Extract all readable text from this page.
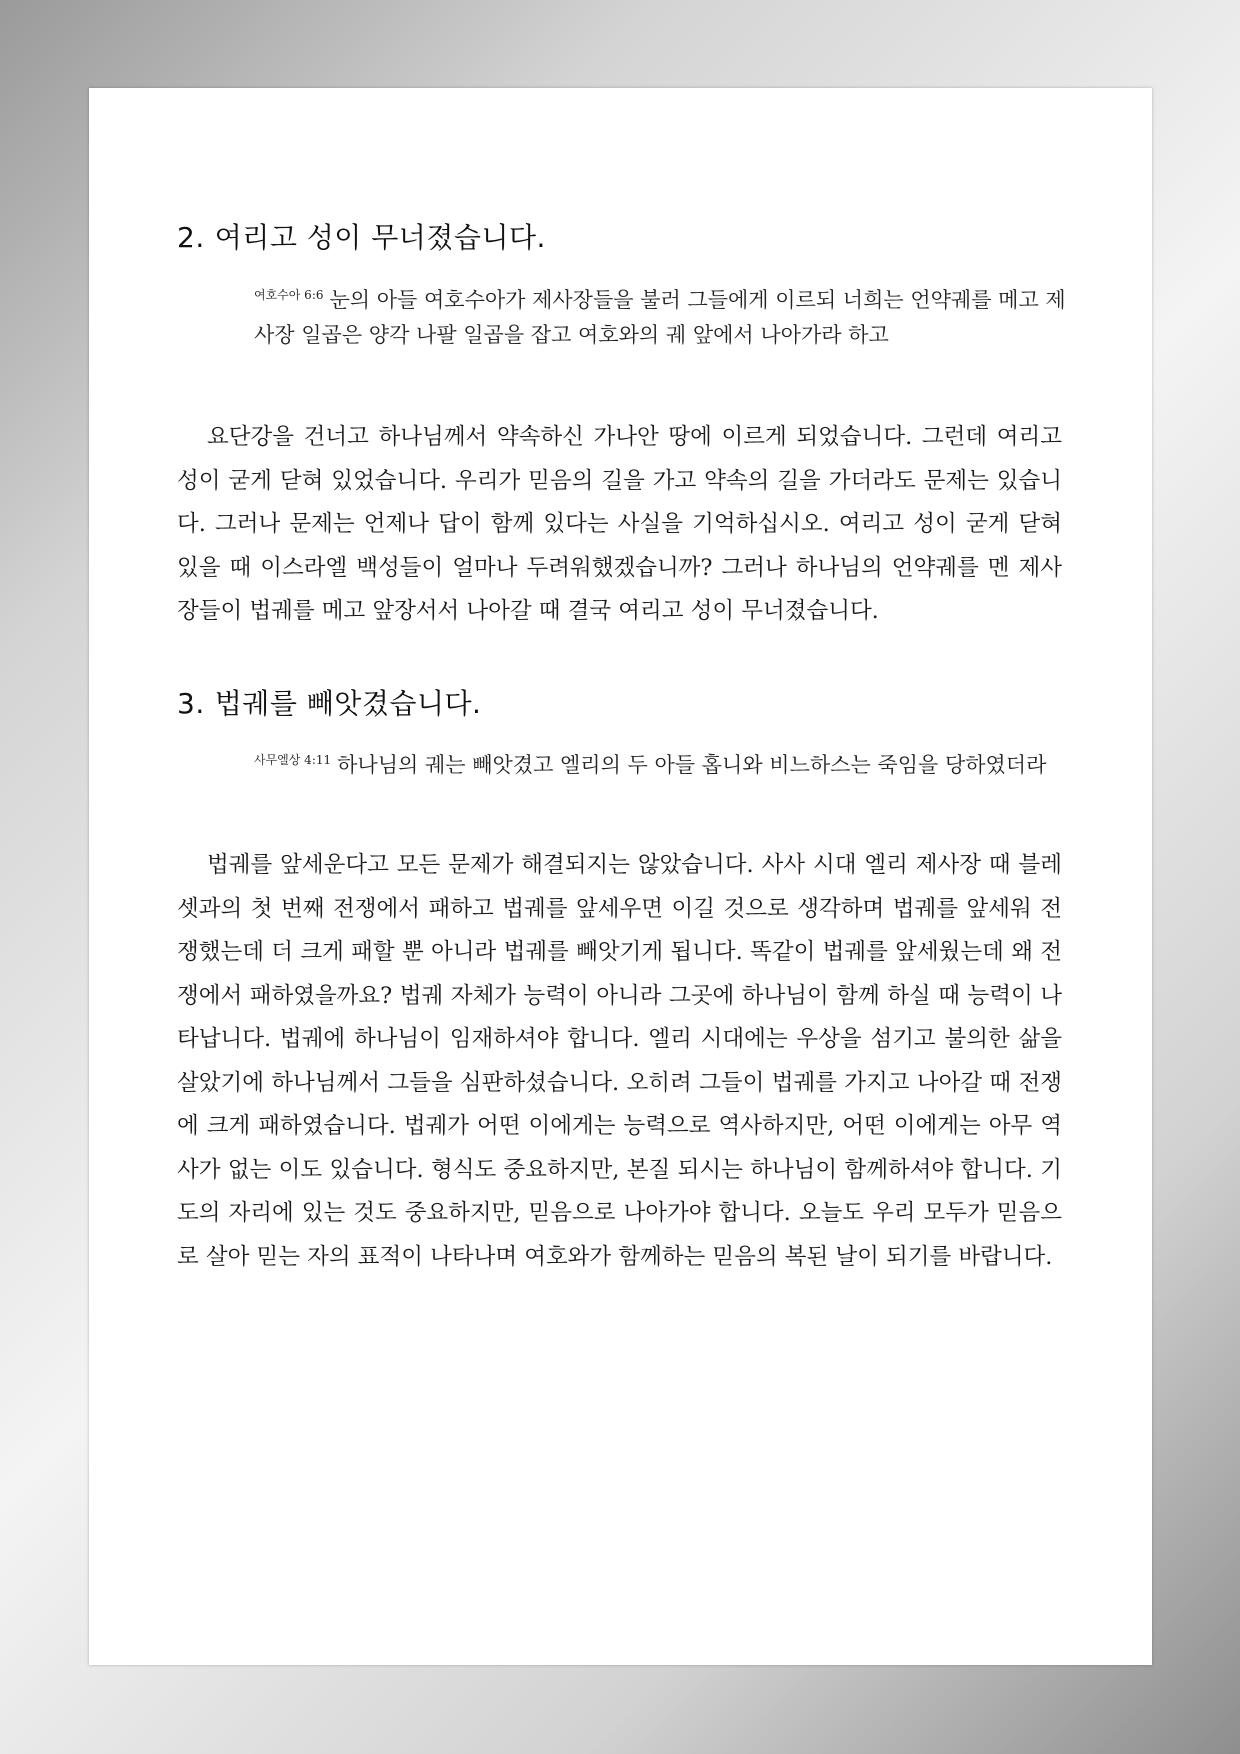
2. 여리고 성이 무너졌습니다.

$^{여호수아 6:6}$ 눈의 아들 여호수아가 제사장들을 불러 그들에게 이르되 너희는 언약궤를 메고 제사장 일곱은 양각 나팔 일곱을 잡고 여호와의 궤 앞에서 나아가라 하고

요단강을 건너고 하나님께서 약속하신 가나안 땅에 이르게 되었습니다. 그런데 여리고 성이 굳게 닫혀 있었습니다. 우리가 믿음의 길을 가고 약속의 길을 가더라도 문제는 있습니다. 그러나 문제는 언제나 답이 함께 있다는 사실을 기억하십시오. 여리고 성이 굳게 닫혀 있을 때 이스라엘 백성들이 얼마나 두려워했겠습니까? 그러나 하나님의 언약궤를 멘 제사장들이 법궤를 메고 앞장서서 나아갈 때 결국 여리고 성이 무너졌습니다.

3. 법궤를 빼앗겼습니다.

$^{사무엘상 4:11}$ 하나님의 궤는 빼앗겼고 엘리의 두 아들 홉니와 비느하스는 죽임을 당하였더라

법궤를 앞세운다고 모든 문제가 해결되지는 않았습니다. 사사 시대 엘리 제사장 때 블레셋과의 첫 번째 전쟁에서 패하고 법궤를 앞세우면 이길 것으로 생각하며 법궤를 앞세워 전쟁했는데 더 크게 패할 뿐 아니라 법궤를 빼앗기게 됩니다. 똑같이 법궤를 앞세웠는데 왜 전쟁에서 패하였을까요? 법궤 자체가 능력이 아니라 그곳에 하나님이 함께 하실 때 능력이 나타납니다. 법궤에 하나님이 임재하셔야 합니다. 엘리 시대에는 우상을 섬기고 불의한 삶을 살았기에 하나님께서 그들을 심판하셨습니다. 오히려 그들이 법궤를 가지고 나아갈 때 전쟁에 크게 패하였습니다. 법궤가 어떤 이에게는 능력으로 역사하지만, 어떤 이에게는 아무 역사가 없는 이도 있습니다. 형식도 중요하지만, 본질 되시는 하나님이 함께하셔야 합니다. 기도의 자리에 있는 것도 중요하지만, 믿음으로 나아가야 합니다. 오늘도 우리 모두가 믿음으로 살아 믿는 자의 표적이 나타나며 여호와가 함께하는 믿음의 복된 날이 되기를 바랍니다.
